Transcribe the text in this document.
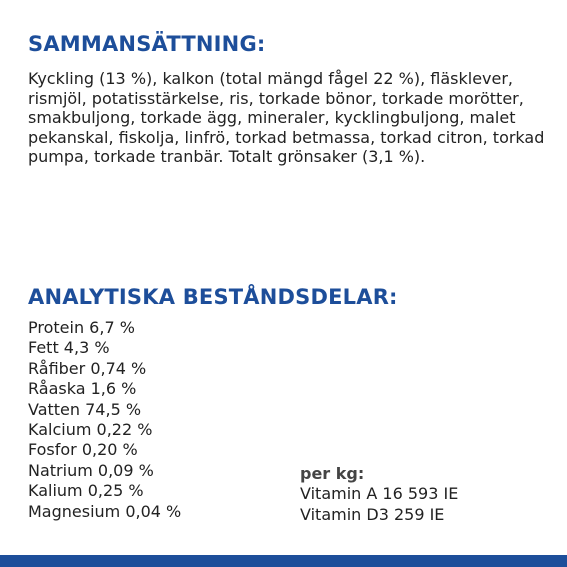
SAMMANSÄTTNING:

Kyckling (13 %), kalkon (total mängd fågel 22 %), fläsklever, rismjöl, potatisstärkelse, ris, torkade bönor, torkade morötter, smakbuljong, torkade ägg, mineraler, kycklingbuljong, malet pekanskal, fiskolja, linfrö, torkad betmassa, torkad citron, torkad pumpa, torkade tranbär. Totalt grönsaker (3,1 %).

ANALYTISKA BESTÅNDSDELAR:
Protein 6,7 %
Fett 4,3 %
Råfiber 0,74 %
Råaska 1,6 %
Vatten 74,5 %
Kalcium 0,22 %
Fosfor 0,20 %
Natrium 0,09 %
Kalium 0,25 %
Magnesium 0,04 %
per kg:
Vitamin A 16 593 IE
Vitamin D3 259 IE
